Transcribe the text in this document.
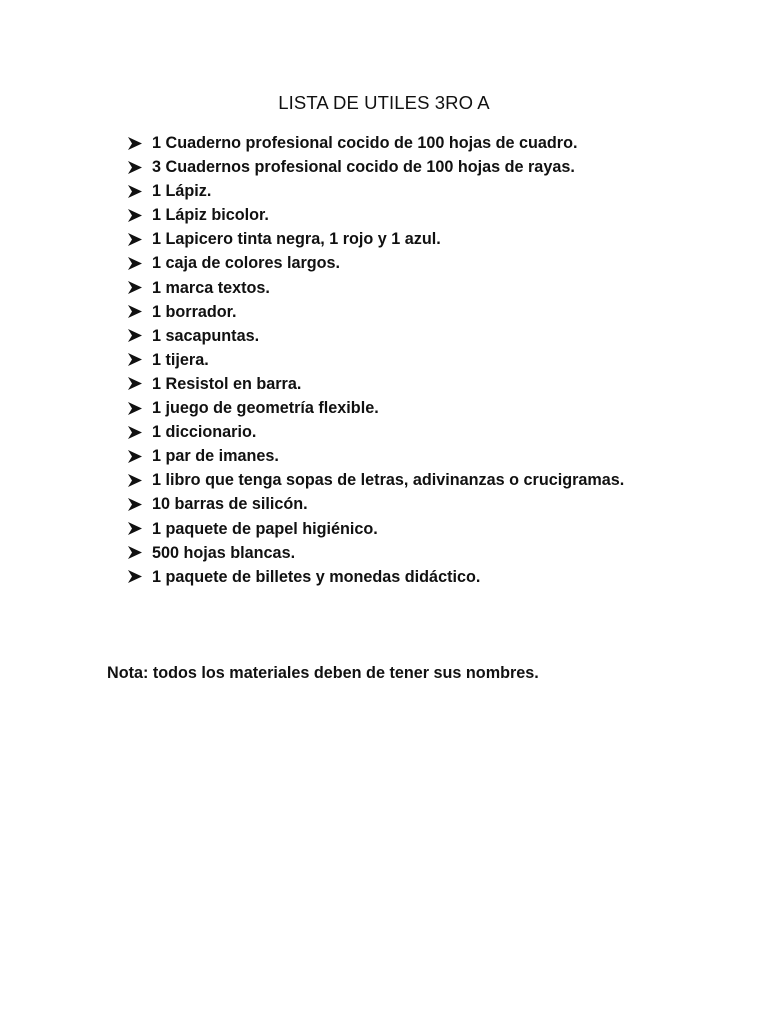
LISTA DE UTILES 3RO A
1 Cuaderno profesional cocido de 100 hojas de cuadro.
3 Cuadernos profesional cocido de 100 hojas de rayas.
1 Lápiz.
1 Lápiz bicolor.
1 Lapicero tinta negra, 1 rojo y 1 azul.
1 caja de colores largos.
1 marca textos.
1 borrador.
1 sacapuntas.
1 tijera.
1 Resistol en barra.
1 juego de geometría flexible.
1 diccionario.
1 par de imanes.
1 libro que tenga sopas de letras, adivinanzas o crucigramas.
10 barras de silicón.
1 paquete de papel higiénico.
500 hojas blancas.
1 paquete de billetes y monedas didáctico.

Nota: todos los materiales deben de tener sus nombres.
